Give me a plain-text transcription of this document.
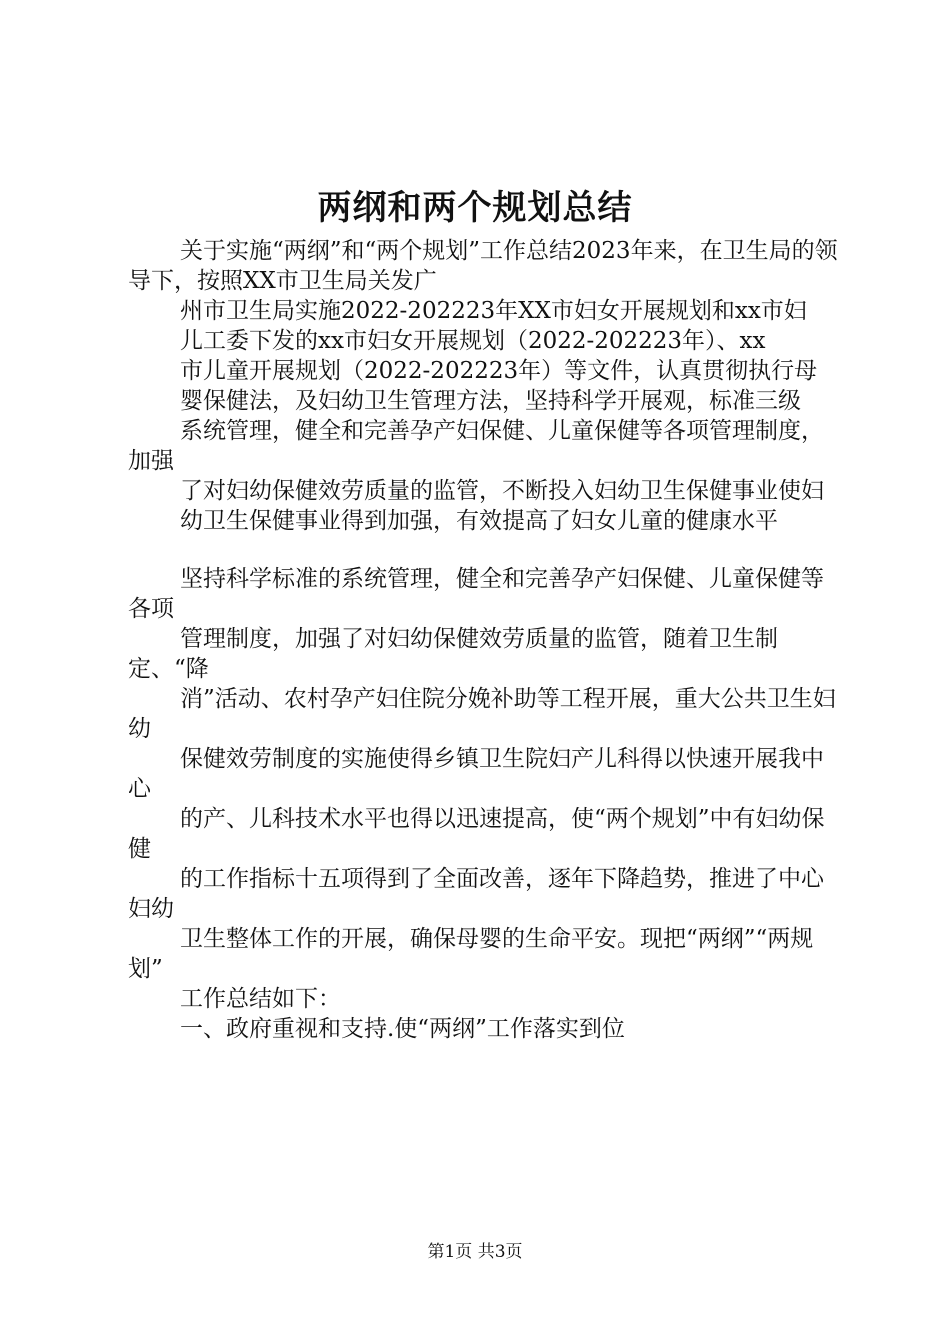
两纲和两个规划总结

关于实施“两纲”和“两个规划”工作总结2023年来，在卫生局的领导下，按照XX市卫生局关发广

州市卫生局实施2022-202223年XX市妇女开展规划和xx市妇

儿工委下发的xx市妇女开展规划（2022-202223年）、xx

市儿童开展规划（2022-202223年）等文件，认真贯彻执行母

婴保健法，及妇幼卫生管理方法，坚持科学开展观，标准三级

系统管理，健全和完善孕产妇保健、儿童保健等各项管理制度，加强

了对妇幼保健效劳质量的监管，不断投入妇幼卫生保健事业使妇

幼卫生保健事业得到加强，有效提高了妇女儿童的健康水平

坚持科学标准的系统管理，健全和完善孕产妇保健、儿童保健等各项

管理制度，加强了对妇幼保健效劳质量的监管，随着卫生制定、“降

消”活动、农村孕产妇住院分娩补助等工程开展，重大公共卫生妇幼

保健效劳制度的实施使得乡镇卫生院妇产儿科得以快速开展我中心

的产、儿科技术水平也得以迅速提高，使“两个规划”中有妇幼保健

的工作指标十五项得到了全面改善，逐年下降趋势，推进了中心妇幼

卫生整体工作的开展，确保母婴的生命平安。现把“两纲”“两规划”

工作总结如下：

一、政府重视和支持.使“两纲”工作落实到位

第1页 共3页
